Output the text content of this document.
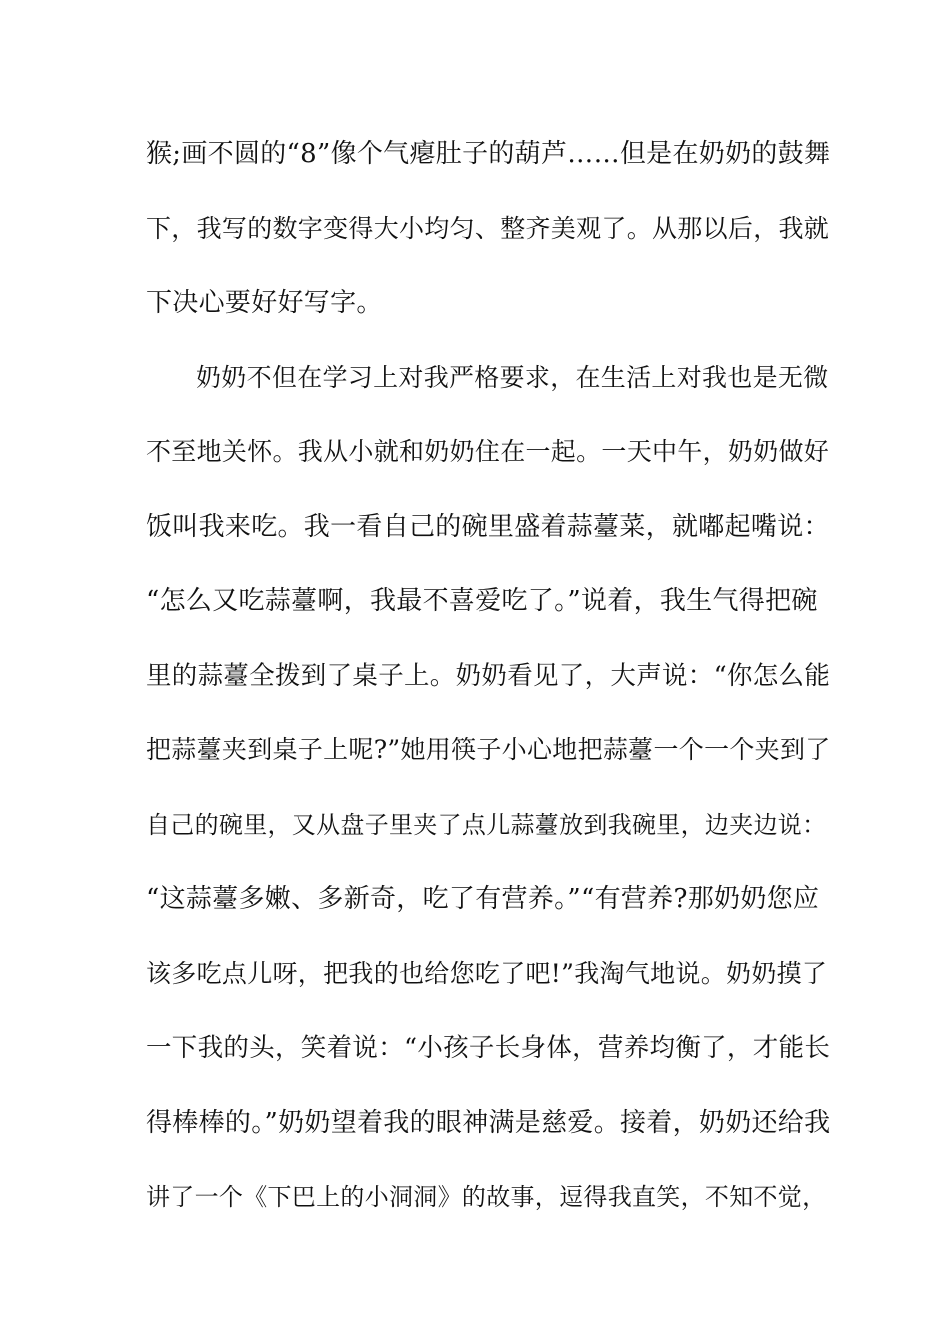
猴;画不圆的“8”像个气瘪肚子的葫芦……但是在奶奶的鼓舞
下，我写的数字变得大小均匀、整齐美观了。从那以后，我就
下决心要好好写字。
奶奶不但在学习上对我严格要求，在生活上对我也是无微
不至地关怀。我从小就和奶奶住在一起。一天中午，奶奶做好
饭叫我来吃。我一看自己的碗里盛着蒜薹菜，就嘟起嘴说：
“怎么又吃蒜薹啊，我最不喜爱吃了。”说着，我生气得把碗
里的蒜薹全拨到了桌子上。奶奶看见了，大声说：“你怎么能
把蒜薹夹到桌子上呢?”她用筷子小心地把蒜薹一个一个夹到了
自己的碗里，又从盘子里夹了点儿蒜薹放到我碗里，边夹边说：
“这蒜薹多嫩、多新奇，吃了有营养。”“有营养?那奶奶您应
该多吃点儿呀，把我的也给您吃了吧!”我淘气地说。奶奶摸了
一下我的头，笑着说：“小孩子长身体，营养均衡了，才能长
得棒棒的。”奶奶望着我的眼神满是慈爱。接着，奶奶还给我
讲了一个《下巴上的小洞洞》的故事，逗得我直笑，不知不觉，
